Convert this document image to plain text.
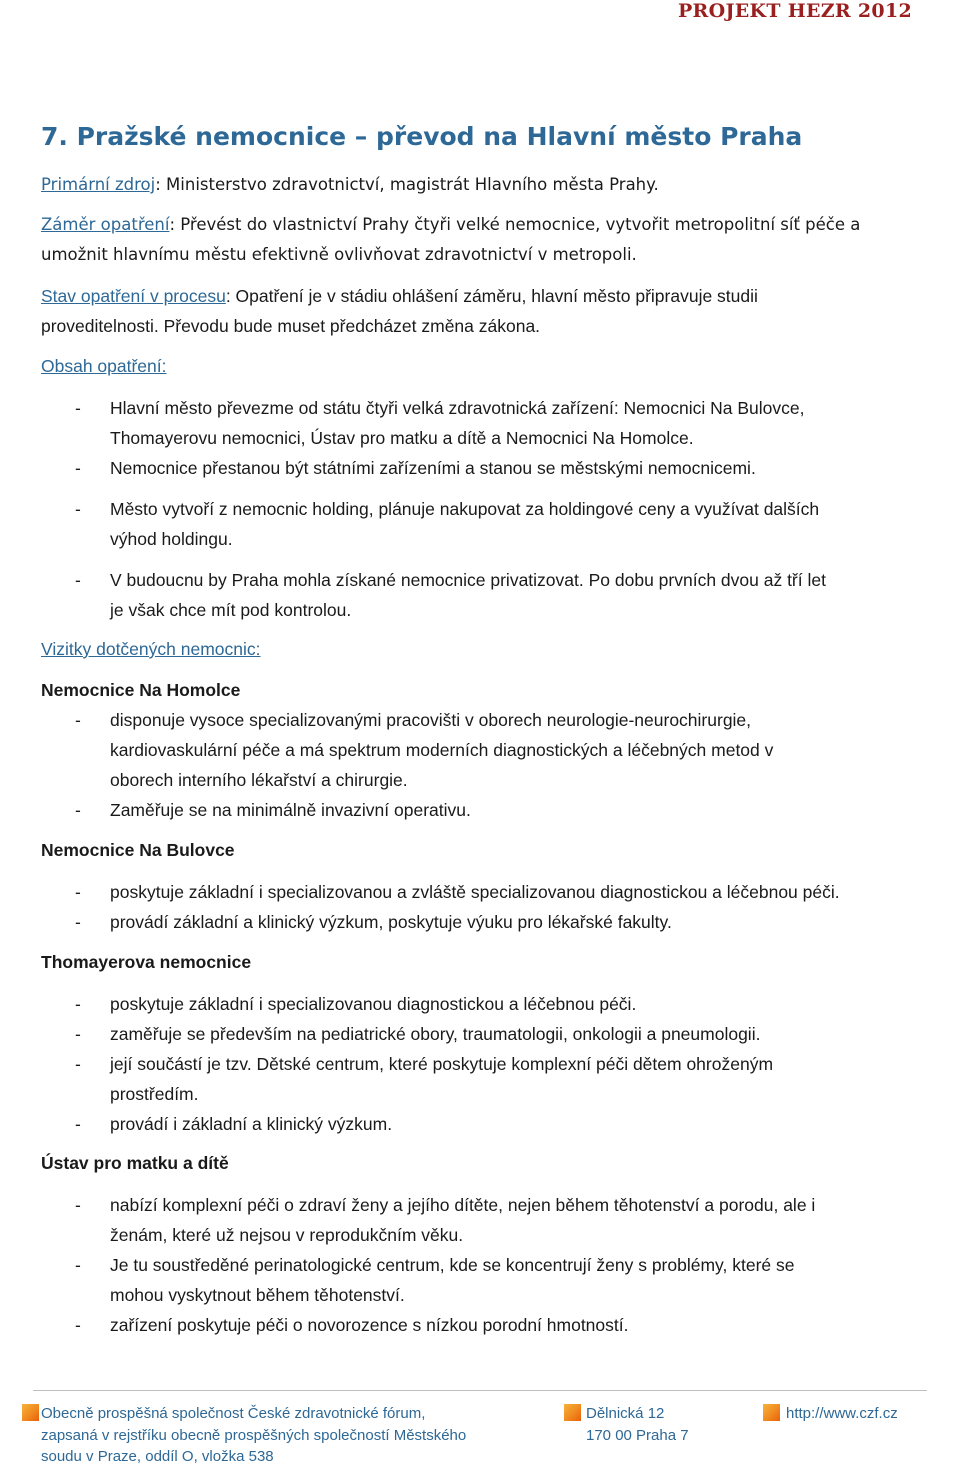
PROJEKT HEZR 2012
7. Pražské nemocnice – převod na Hlavní město Praha
Primární zdroj: Ministerstvo zdravotnictví, magistrát Hlavního města Prahy.
Záměr opatření: Převést do vlastnictví Prahy čtyři velké nemocnice, vytvořit metropolitní síť péče a
umožnit hlavnímu městu efektivně ovlivňovat zdravotnictví v metropoli.
Stav opatření v procesu: Opatření je v stádiu ohlášení záměru, hlavní město připravuje studii
proveditelnosti. Převodu bude muset předcházet změna zákona.
Obsah opatření:
- Hlavní město převezme od státu čtyři velká zdravotnická zařízení: Nemocnici Na Bulovce,
Thomayerovu nemocnici, Ústav pro matku a dítě a Nemocnici Na Homolce.
- Nemocnice přestanou být státními zařízeními a stanou se městskými nemocnicemi.
- Město vytvoří z nemocnic holding, plánuje nakupovat za holdingové ceny a využívat dalších
výhod holdingu.
- V budoucnu by Praha mohla získané nemocnice privatizovat. Po dobu prvních dvou až tří let
je však chce mít pod kontrolou.
Vizitky dotčených nemocnic:
Nemocnice Na Homolce
- disponuje vysoce specializovanými pracovišti v oborech neurologie-neurochirurgie,
kardiovaskulární péče a má spektrum moderních diagnostických a léčebných metod v
oborech interního lékařství a chirurgie.
- Zaměřuje se na minimálně invazivní operativu.
Nemocnice Na Bulovce
- poskytuje základní i specializovanou a zvláště specializovanou diagnostickou a léčebnou péči.
- provádí základní a klinický výzkum, poskytuje výuku pro lékařské fakulty.
Thomayerova nemocnice
- poskytuje základní i specializovanou diagnostickou a léčebnou péči.
- zaměřuje se především na pediatrické obory, traumatologii, onkologii a pneumologii.
- její součástí je tzv. Dětské centrum, které poskytuje komplexní péči dětem ohroženým
prostředím.
- provádí i základní a klinický výzkum.
Ústav pro matku a dítě
- nabízí komplexní péči o zdraví ženy a jejího dítěte, nejen během těhotenství a porodu, ale i
ženám, které už nejsou v reprodukčním věku.
- Je tu soustředěné perinatologické centrum, kde se koncentrují ženy s problémy, které se
mohou vyskytnout během těhotenství.
- zařízení poskytuje péči o novorozence s nízkou porodní hmotností.
Obecně prospěšná společnost České zdravotnické fórum,
zapsaná v rejstříku obecně prospěšných společností Městského
soudu v Praze, oddíl O, vložka 538
Dělnická 12
170 00 Praha 7
http://www.czf.cz
